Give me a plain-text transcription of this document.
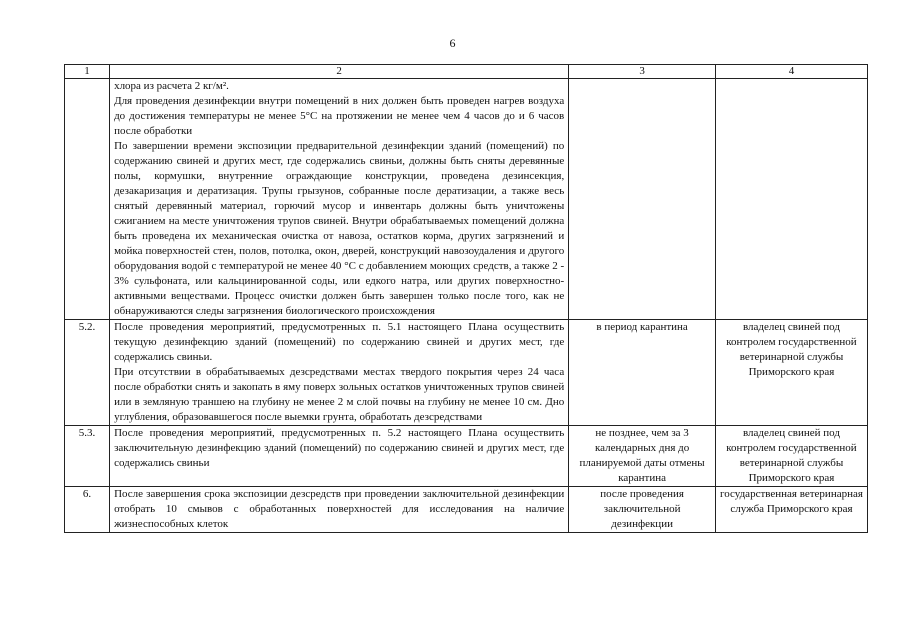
6
1	2	3	4

	хлора из расчета 2 кг/м².
Для проведения дезинфекции внутри помещений в них должен быть проведен нагрев воздуха до достижения температуры не менее 5°С на протяжении не менее чем 4 часов до и 6 часов после обработки
По завершении времени экспозиции предварительной дезинфекции зданий (помещений) по содержанию свиней и других мест, где содержались свиньи, должны быть сняты деревянные полы, кормушки, внутренние ограждающие конструкции, проведена дезинсекция, дезакаризация и дератизация. Трупы грызунов, собранные после дератизации, а также весь снятый деревянный материал, горючий мусор и инвентарь должны быть уничтожены сжиганием на месте уничтожения трупов свиней. Внутри обрабатываемых помещений должна быть проведена их механическая очистка от навоза, остатков корма, других загрязнений и мойка поверхностей стен, полов, потолка, окон, дверей, конструкций навозоудаления и другого оборудования водой с температурой не менее 40 °С с добавлением моющих средств, а также 2 - 3% сульфоната, или кальцинированной соды, или едкого натра, или других поверхностно-активными веществами. Процесс очистки должен быть завершен только после того, как не обнаруживаются следы загрязнения биологического происхождения		

5.2.	После проведения мероприятий, предусмотренных п. 5.1 настоящего Плана осуществить текущую дезинфекцию зданий (помещений) по содержанию свиней и других мест, где содержались свиньи.
При отсутствии в обрабатываемых дезсредствами местах твердого покрытия через 24 часа после обработки снять и закопать в яму поверх зольных остатков уничтоженных трупов свиней или в земляную траншею на глубину не менее 2 м слой почвы на глубину не менее 10 см. Дно углубления, образовавшегося после выемки грунта, обработать дезсредствами	в период карантина	владелец свиней под контролем государственной ветеринарной службы Приморского края
5.3.	После проведения мероприятий, предусмотренных п. 5.2 настоящего Плана осуществить заключительную дезинфекцию зданий (помещений) по содержанию свиней и других мест, где содержались свиньи	не позднее, чем за 3 календарных дня до планируемой даты отмены карантина	владелец свиней под контролем государственной ветеринарной службы Приморского края
6.	После завершения срока экспозиции дезсредств при проведении заключительной дезинфекции отобрать 10 смывов с обработанных поверхностей для исследования на наличие жизнеспособных клеток	после проведения заключительной дезинфекции	государственная ветеринарная служба Приморского края
